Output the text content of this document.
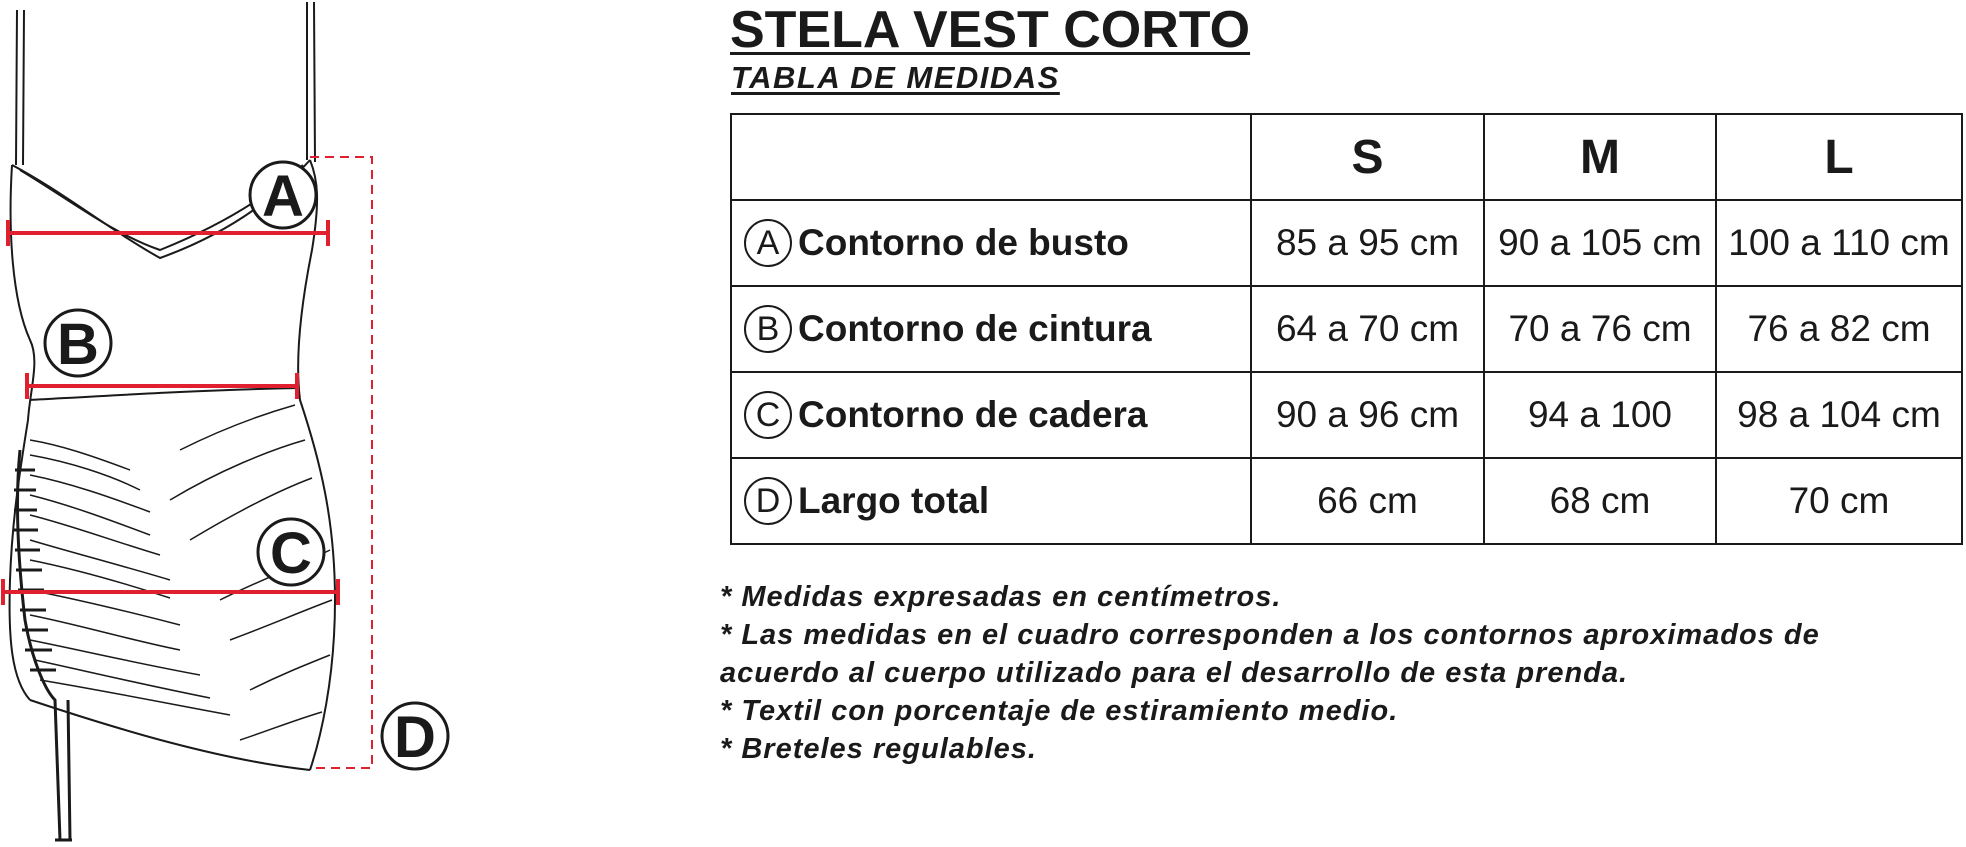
A
B
C
D
STELA VEST CORTO
TABLA DE MEDIDAS
	S	M	L
A Contorno de busto	85 a 95 cm	90 a 105 cm	100 a 110 cm
B Contorno de cintura	64 a 70 cm	70 a 76 cm	76 a 82 cm
C Contorno de cadera	90 a 96 cm	94 a 100	98 a 104 cm
D Largo total	66 cm	68 cm	70 cm
* Medidas expresadas en centímetros.
* Las medidas en el cuadro corresponden a los contornos aproximados de acuerdo al cuerpo utilizado para el desarrollo de esta prenda.
* Textil con porcentaje de estiramiento medio.
* Breteles regulables.
